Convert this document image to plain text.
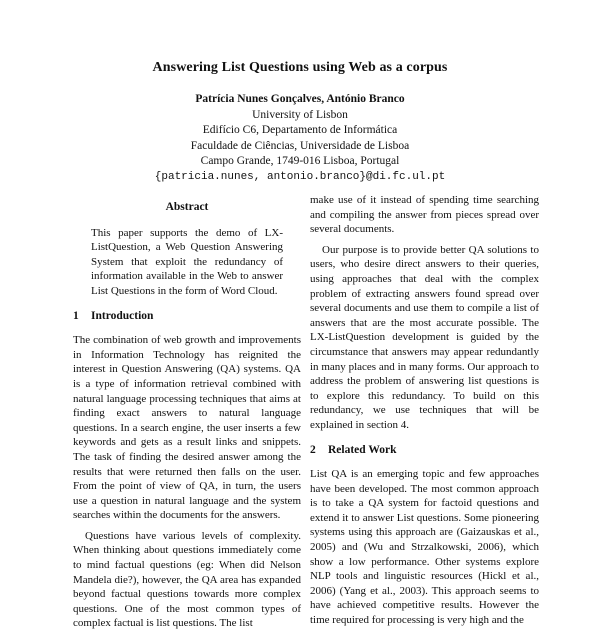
Answering List Questions using Web as a corpus
Patrícia Nunes Gonçalves, António Branco
University of Lisbon
Edifício C6, Departamento de Informática
Faculdade de Ciências, Universidade de Lisboa
Campo Grande, 1749-016 Lisboa, Portugal
{patricia.nunes, antonio.branco}@di.fc.ul.pt
Abstract
This paper supports the demo of LX-ListQuestion, a Web Question Answering System that exploit the redundancy of information available in the Web to answer List Questions in the form of Word Cloud.
1 Introduction

The combination of web growth and improvements in Information Technology has reignited the interest in Question Answering (QA) systems. QA is a type of information retrieval combined with natural language processing techniques that aims at finding exact answers to natural language questions. In a search engine, the user inserts a few keywords and gets as a result links and snippets. The task of finding the desired answer among the results that were returned then falls on the user. From the point of view of QA, in turn, the users use a question in natural language and the system searches within the documents for the answers.

Questions have various levels of complexity. When thinking about questions immediately come to mind factual questions (eg: When did Nelson Mandela die?), however, the QA area has expanded beyond factual questions towards more complex questions. One of the most common types of complex factual is list questions. The list

make use of it instead of spending time searching and compiling the answer from pieces spread over several documents.

Our purpose is to provide better QA solutions to users, who desire direct answers to their queries, using approaches that deal with the complex problem of extracting answers found spread over several documents and use them to compile a list of answers that are the most accurate possible. The LX-ListQuestion development is guided by the circumstance that answers may appear redundantly in many places and in many forms. Our approach to address the problem of answering list questions is to explore this redundancy. To build on this redundancy, we use techniques that will be explained in section 4.

2 Related Work

List QA is an emerging topic and few approaches have been developed. The most common approach is to take a QA system for factoid questions and extend it to answer List questions. Some pioneering systems using this approach are (Gaizauskas et al., 2005) and (Wu and Strzalkowski, 2006), which show a low performance. Other systems explore NLP tools and linguistic resources (Hickl et al., 2006) (Yang et al., 2003). This approach seems to have achieved competitive results. However the time required for processing is very high and the
